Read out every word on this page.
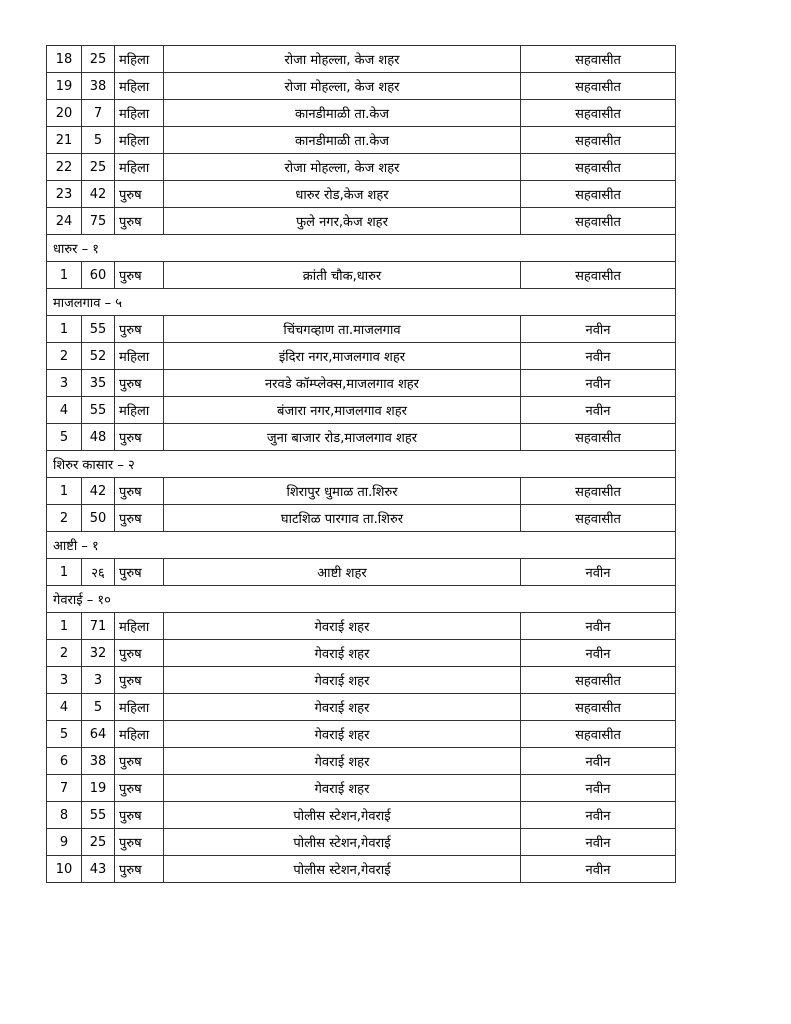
18	25	महिला	रोजा मोहल्ला, केज शहर	सहवासीत
19	38	महिला	रोजा मोहल्ला, केज शहर	सहवासीत
20	7	महिला	कानडीमाळी ता.केज	सहवासीत
21	5	महिला	कानडीमाळी ता.केज	सहवासीत
22	25	महिला	रोजा मोहल्ला, केज शहर	सहवासीत
23	42	पुरुष	धारुर रोड,केज शहर	सहवासीत
24	75	पुरुष	फुले नगर,केज शहर	सहवासीत
धारुर – १				
1	60	पुरुष	क्रांती चौक,धारुर	सहवासीत
माजलगाव – ५				
1	55	पुरुष	चिंचगव्हाण ता.माजलगाव	नवीन
2	52	महिला	इंदिरा नगर,माजलगाव शहर	नवीन
3	35	पुरुष	नरवडे कॉम्प्लेक्स,माजलगाव शहर	नवीन
4	55	महिला	बंजारा नगर,माजलगाव शहर	नवीन
5	48	पुरुष	जुना बाजार रोड,माजलगाव शहर	सहवासीत
शिरुर कासार – २				
1	42	पुरुष	शिरापुर धुमाळ ता.शिरुर	सहवासीत
2	50	पुरुष	घाटशिळ पारगाव ता.शिरुर	सहवासीत
आष्टी – १				
1	२६	पुरुष	आष्टी शहर	नवीन
गेवराई – १०				
1	71	महिला	गेवराई शहर	नवीन
2	32	पुरुष	गेवराई शहर	नवीन
3	3	पुरुष	गेवराई शहर	सहवासीत
4	5	महिला	गेवराई शहर	सहवासीत
5	64	महिला	गेवराई शहर	सहवासीत
6	38	पुरुष	गेवराई शहर	नवीन
7	19	पुरुष	गेवराई शहर	नवीन
8	55	पुरुष	पोलीस स्टेशन,गेवराई	नवीन
9	25	पुरुष	पोलीस स्टेशन,गेवराई	नवीन
10	43	पुरुष	पोलीस स्टेशन,गेवराई	नवीन
